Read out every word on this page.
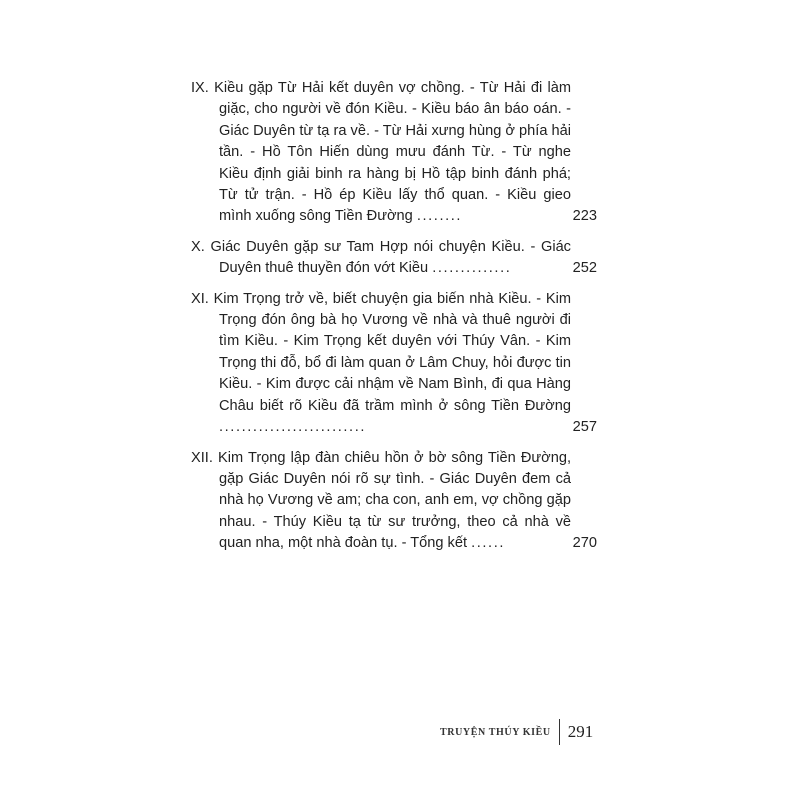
IX. Kiều gặp Từ Hải kết duyên vợ chồng. - Từ Hải đi làm giặc, cho người về đón Kiều. - Kiều báo ân báo oán. - Giác Duyên từ tạ ra về. - Từ Hải xưng hùng ở phía hải tần. - Hồ Tôn Hiến dùng mưu đánh Từ. - Từ nghe Kiều định giải binh ra hàng bị Hồ tập binh đánh phá; Từ tử trận. - Hồ ép Kiều lấy thổ quan. - Kiều gieo mình xuống sông Tiền Đường ........	223
X. Giác Duyên gặp sư Tam Hợp nói chuyện Kiều. - Giác Duyên thuê thuyền đón vớt Kiều ..............	252
XI. Kim Trọng trở về, biết chuyện gia biến nhà Kiều. - Kim Trọng đón ông bà họ Vương về nhà và thuê người đi tìm Kiều. - Kim Trọng kết duyên với Thúy Vân. - Kim Trọng thi đỗ, bổ đi làm quan ở Lâm Chuy, hỏi được tin Kiều. - Kim được cải nhậm về Nam Bình, đi qua Hàng Châu biết rõ Kiều đã trầm mình ở sông Tiền Đường ..........................	257
XII. Kim Trọng lập đàn chiêu hồn ở bờ sông Tiền Đường, gặp Giác Duyên nói rõ sự tình. - Giác Duyên đem cả nhà họ Vương về am; cha con, anh em, vợ chồng gặp nhau. - Thúy Kiều tạ từ sư trưởng, theo cả nhà về quan nha, một nhà đoàn tụ. - Tổng kết ......	270
TRUYỆN THÚY KIỀU 291
